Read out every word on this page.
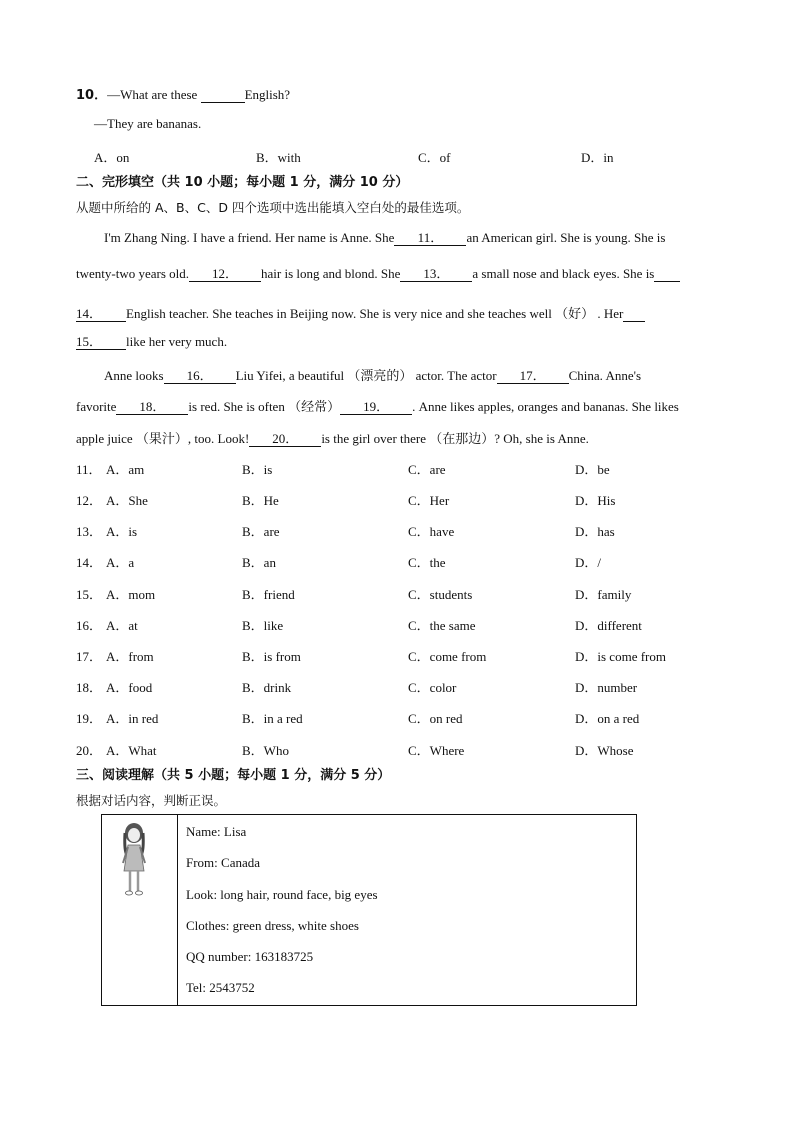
10．—What are these	English?
—They are bananas.
A．on	B．with	C．of	D．in
二、完形填空（共 10 小题；每小题 1 分，满分 10 分）
从题中所给的 A、B、C、D 四个选项中选出能填入空白处的最佳选项。
I'm Zhang Ning. I have a friend. Her name is Anne. She 11． an American girl. She is young. She is
twenty-two years old. 12． hair is long and blond. She 13． a small nose and black eyes. She is
14． English teacher. She teaches in Beijing now. She is very nice and she teaches well （好） . Her
15． like her very much.
Anne looks 16． Liu Yifei, a beautiful （漂亮的） actor. The actor 17． China. Anne's
favorite 18． is red. She is often （经常） 19． . Anne likes apples, oranges and bananas. She likes
apple juice （果汁）, too. Look! 20． is the girl over there （在那边）? Oh, she is Anne.
11． A．am	B．is	C．are	D．be
12． A．She	B．He	C．Her	D．His
13． A．is	B．are	C．have	D．has
14． A．a	B．an	C．the	D．/
15． A．mom	B．friend	C．students	D．family
16． A．at	B．like	C．the same	D．different
17． A．from	B．is from	C．come from	D．is come from
18． A．food	B．drink	C．color	D．number
19． A．in red	B．in a red	C．on red	D．on a red
20． A．What	B．Who	C．Where	D．Whose
三、阅读理解（共 5 小题；每小题 1 分，满分 5 分）
根据对话内容，判断正误。

Name: Lisa
From: Canada
Look: long hair, round face, big eyes
Clothes: green dress, white shoes
QQ number: 163183725
Tel: 2543752
